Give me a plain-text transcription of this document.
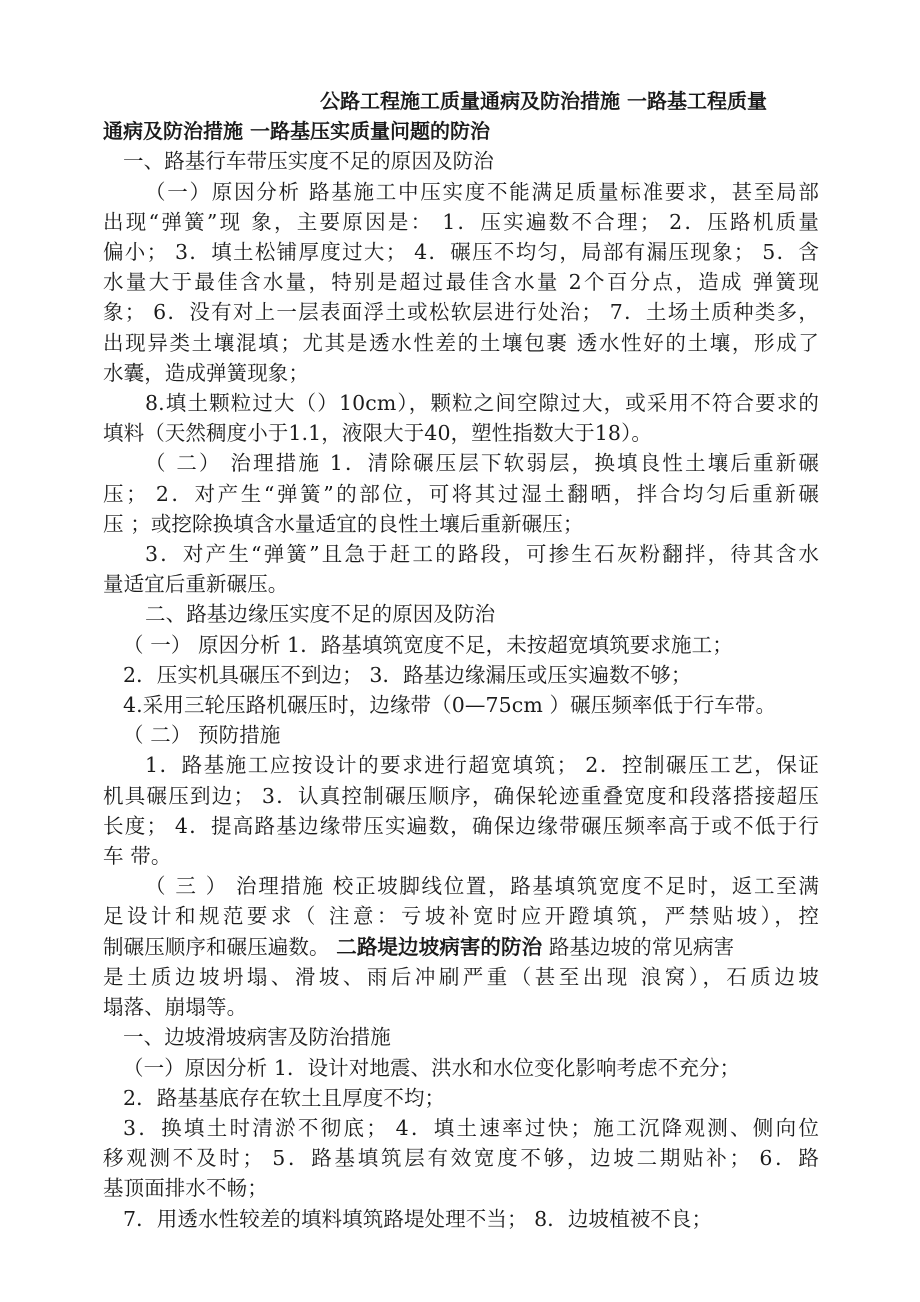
公路工程施工质量通病及防治措施 一路基工程质量
通病及防治措施 一路基压实质量问题的防治
一、路基行车带压实度不足的原因及防治
（一）原因分析 路基施工中压实度不能满足质量标准要求，甚至局部
出现“弹簧”现 象，主要原因是： 1．压实遍数不合理； 2．压路机质量
偏小； 3．填土松铺厚度过大； 4．碾压不均匀，局部有漏压现象； 5．含
水量大于最佳含水量，特别是超过最佳含水量 2个百分点，造成 弹簧现
象； 6．没有对上一层表面浮土或松软层进行处治； 7．土场土质种类多，
出现异类土壤混填；尤其是透水性差的土壤包裹 透水性好的土壤，形成了
水囊，造成弹簧现象；
8.填土颗粒过大（）10cm），颗粒之间空隙过大，或采用不符合要求的
填料（天然稠度小于1.1，液限大于40，塑性指数大于18）。
（ 二） 治理措施 1．清除碾压层下软弱层，换填良性土壤后重新碾
压； 2．对产生“弹簧”的部位，可将其过湿土翻晒，拌合均匀后重新碾
压 ；或挖除换填含水量适宜的良性土壤后重新碾压；
3．对产生“弹簧”且急于赶工的路段，可掺生石灰粉翻拌，待其含水
量适宜后重新碾压。
二、路基边缘压实度不足的原因及防治
（ 一） 原因分析 1．路基填筑宽度不足，未按超宽填筑要求施工；
2．压实机具碾压不到边； 3．路基边缘漏压或压实遍数不够；
4.采用三轮压路机碾压时，边缘带（0—75cm ）碾压频率低于行车带。
（ 二） 预防措施
1．路基施工应按设计的要求进行超宽填筑； 2．控制碾压工艺，保证
机具碾压到边； 3．认真控制碾压顺序，确保轮迹重叠宽度和段落搭接超压
长度； 4．提高路基边缘带压实遍数，确保边缘带碾压频率高于或不低于行
车 带。
（ 三 ） 治理措施 校正坡脚线位置，路基填筑宽度不足时，返工至满
足设计和规范要求（ 注意：亏坡补宽时应开蹬填筑，严禁贴坡），控
制碾压顺序和碾压遍数。 二路堤边坡病害的防治 路基边坡的常见病害
是土质边坡坍塌、滑坡、雨后冲刷严重（甚至出现 浪窝），石质边坡
塌落、崩塌等。
一、边坡滑坡病害及防治措施
（一）原因分析 1．设计对地震、洪水和水位变化影响考虑不充分；
2．路基基底存在软土且厚度不均；
3．换填土时清淤不彻底； 4．填土速率过快；施工沉降观测、侧向位
移观测不及时； 5．路基填筑层有效宽度不够，边坡二期贴补； 6．路
基顶面排水不畅；
7．用透水性较差的填料填筑路堤处理不当； 8．边坡植被不良；
